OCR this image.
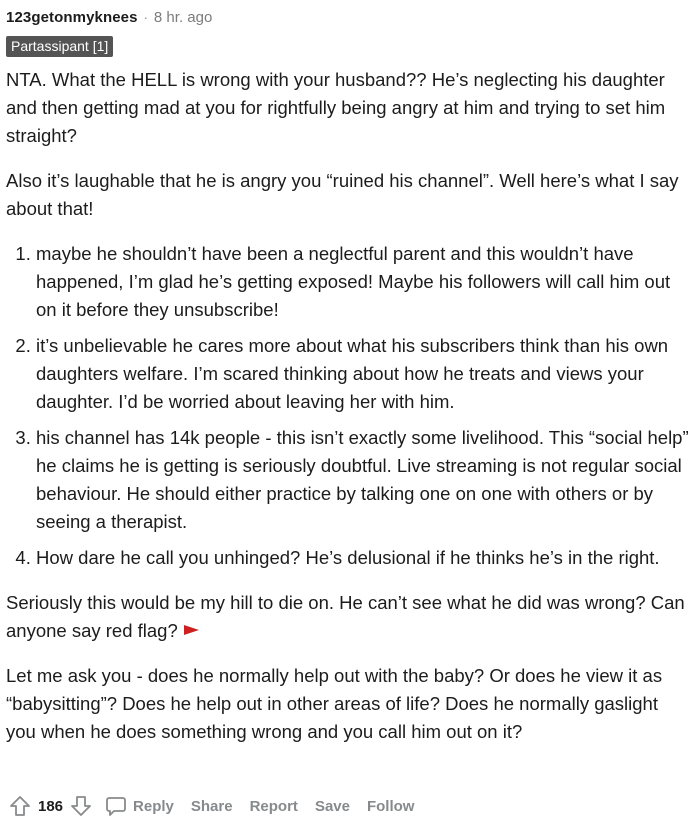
123getonmyknees · 8 hr. ago
Partassipant [1]

NTA. What the HELL is wrong with your husband?? He’s neglecting his daughter and then getting mad at you for rightfully being angry at him and trying to set him straight?

Also it’s laughable that he is angry you “ruined his channel”. Well here’s what I say about that!

1. maybe he shouldn’t have been a neglectful parent and this wouldn’t have happened, I’m glad he’s getting exposed! Maybe his followers will call him out on it before they unsubscribe!
2. it’s unbelievable he cares more about what his subscribers think than his own daughters welfare. I’m scared thinking about how he treats and views your daughter. I’d be worried about leaving her with him.
3. his channel has 14k people - this isn’t exactly some livelihood. This “social help” he claims he is getting is seriously doubtful. Live streaming is not regular social behaviour. He should either practice by talking one on one with others or by seeing a therapist.
4. How dare he call you unhinged? He’s delusional if he thinks he’s in the right.

Seriously this would be my hill to die on. He can’t see what he did was wrong? Can anyone say red flag?

Let me ask you - does he normally help out with the baby? Or does he view it as “babysitting”? Does he help out in other areas of life? Does he normally gaslight you when he does something wrong and you call him out on it?

186	Reply Share Report Save Follow
